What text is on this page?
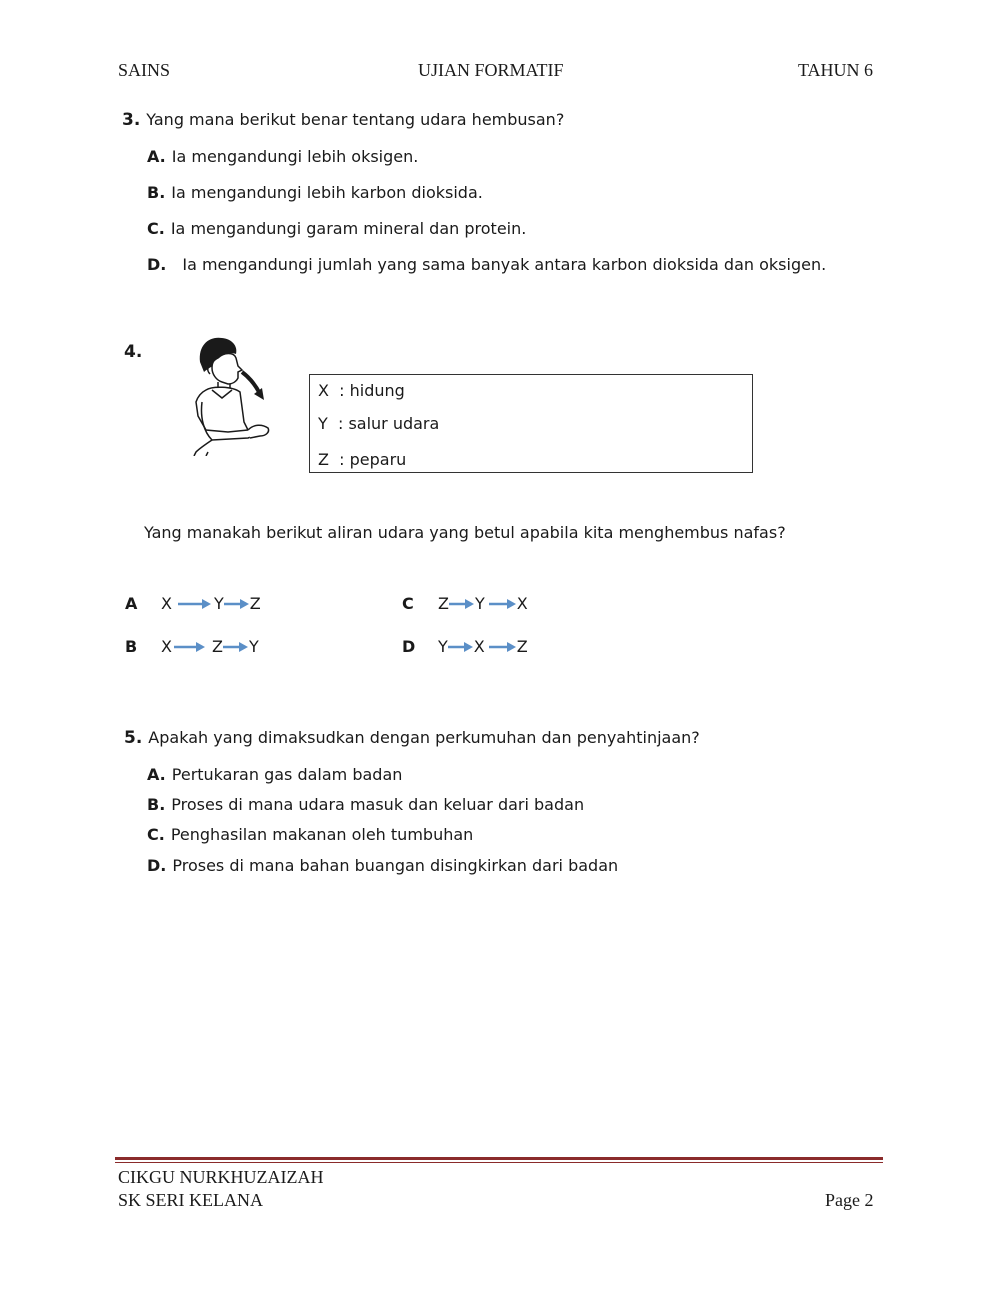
SAINS	UJIAN FORMATIF	TAHUN 6
3. Yang mana berikut benar tentang udara hembusan?
A. Ia mengandungi lebih oksigen.
B. Ia mengandungi lebih karbon dioksida.
C. Ia mengandungi garam mineral dan protein.
D. Ia mengandungi jumlah yang sama banyak antara karbon dioksida dan oksigen.
4.
X : hidung
Y : salur udara
Z : peparu
Yang manakah berikut aliran udara yang betul apabila kita menghembus nafas?
A	X	Y Z
B	X	Z Y
C	Z Y X
D	Y X Z
5. Apakah yang dimaksudkan dengan perkumuhan dan penyahtinjaan?
A. Pertukaran gas dalam badan
B. Proses di mana udara masuk dan keluar dari badan
C. Penghasilan makanan oleh tumbuhan
D. Proses di mana bahan buangan disingkirkan dari badan
CIKGU NURKHUZAIZAH
SK SERI KELANA	Page 2
